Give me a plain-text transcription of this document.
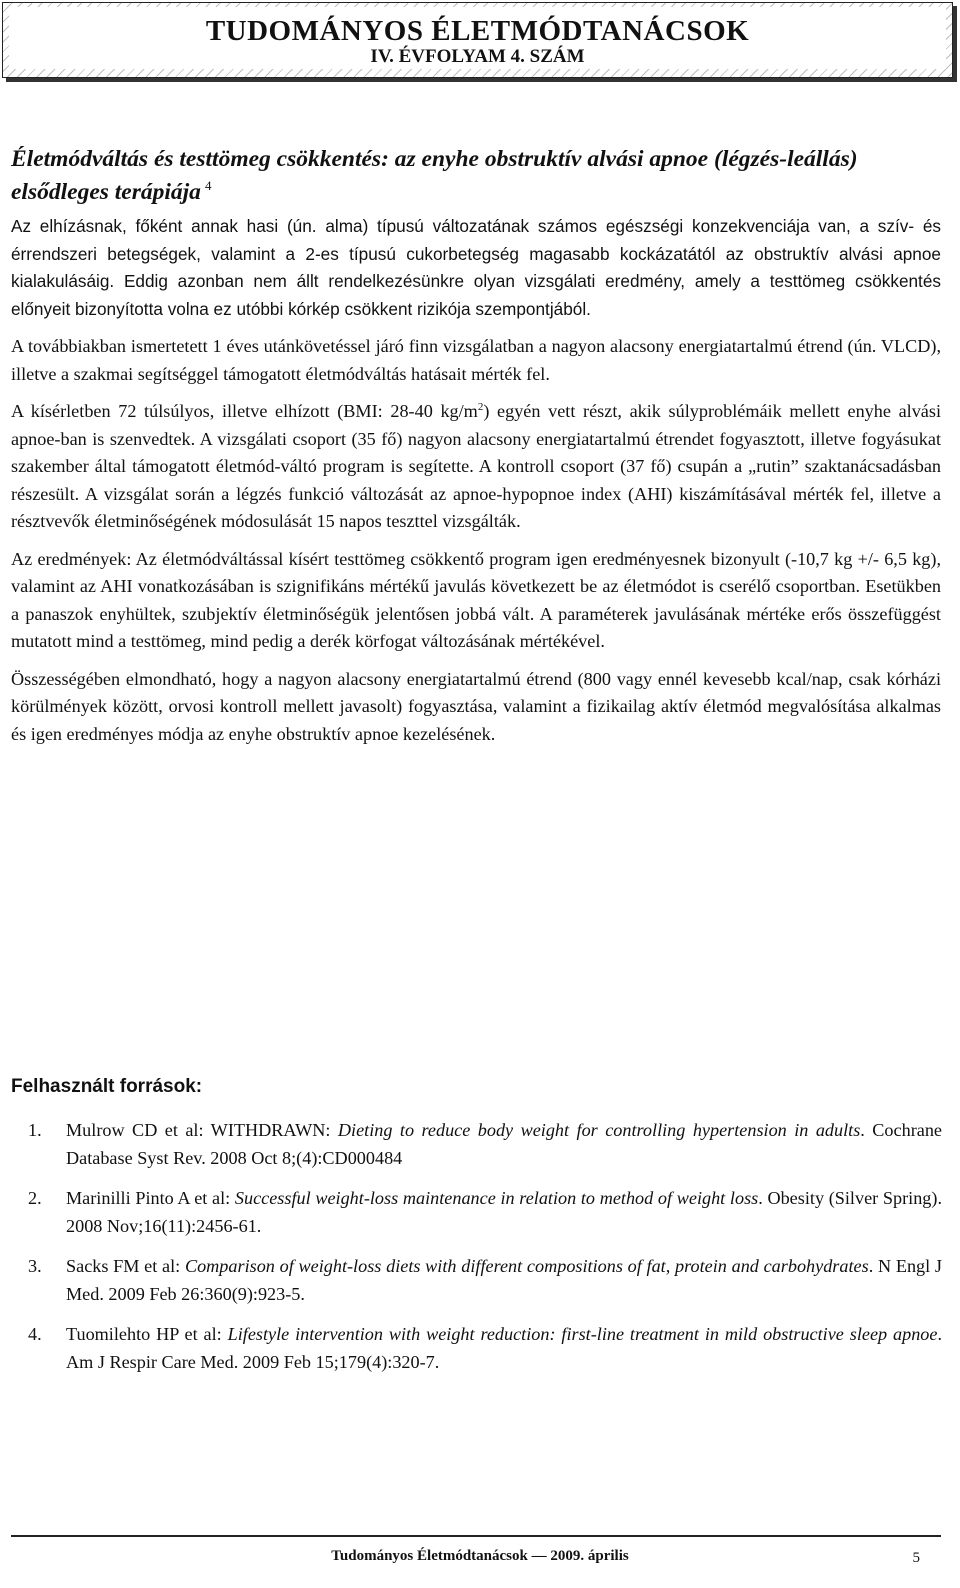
TUDOMÁNYOS ÉLETMÓDTANÁCSOK
IV. ÉVFOLYAM 4. SZÁM
Életmódváltás és testtömeg csökkentés: az enyhe obstruktív alvási apnoe (légzés-leállás) elsődleges terápiája $^4$

Az elhízásnak, főként annak hasi (ún. alma) típusú változatának számos egészségi konzekvenciája van, a szív- és érrendszeri betegségek, valamint a 2-es típusú cukorbetegség magasabb kockázatától az obstruktív alvási apnoe kialakulásáig. Eddig azonban nem állt rendelkezésünkre olyan vizsgálati eredmény, amely a testtömeg csökkentés előnyeit bizonyította volna ez utóbbi kórkép csökkent rizikója szempontjából.

A továbbiakban ismertetett 1 éves utánkövetéssel járó finn vizsgálatban a nagyon alacsony energiatartalmú étrend (ún. VLCD), illetve a szakmai segítséggel támogatott életmódváltás hatásait mérték fel.

A kísérletben 72 túlsúlyos, illetve elhízott (BMI: 28-40 $kg/m^2$) egyén vett részt, akik súlyproblémáik mellett enyhe alvási apnoe-ban is szenvedtek. A vizsgálati csoport (35 fő) nagyon alacsony energiatartalmú étrendet fogyasztott, illetve fogyásukat szakember által támogatott életmód-váltó program is segítette. A kontroll csoport (37 fő) csupán a „rutin” szaktanácsadásban részesült. A vizsgálat során a légzés funkció változását az apnoe-hypopnoe index (AHI) kiszámításával mérték fel, illetve a résztvevők életminőségének módosulását 15 napos teszttel vizsgálták.

Az eredmények: Az életmódváltással kísért testtömeg csökkentő program igen eredményesnek bizonyult (-10,7 kg +/- 6,5 kg), valamint az AHI vonatkozásában is szignifikáns mértékű javulás következett be az életmódot is cserélő csoportban. Esetükben a panaszok enyhültek, szubjektív életminőségük jelentősen jobbá vált. A paraméterek javulásának mértéke erős összefüggést mutatott mind a testtömeg, mind pedig a derék körfogat változásának mértékével.

Összességében elmondható, hogy a nagyon alacsony energiatartalmú étrend (800 vagy ennél kevesebb kcal/nap, csak kórházi körülmények között, orvosi kontroll mellett javasolt) fogyasztása, valamint a fizikailag aktív életmód megvalósítása alkalmas és igen eredményes módja az enyhe obstruktív apnoe kezelésének.

Felhasznált források:
1. Mulrow CD et al: WITHDRAWN: Dieting to reduce body weight for controlling hypertension in adults. Cochrane Database Syst Rev. 2008 Oct 8;(4):CD000484
2. Marinilli Pinto A et al: Successful weight-loss maintenance in relation to method of weight loss. Obesity (Silver Spring). 2008 Nov;16(11):2456-61.
3. Sacks FM et al: Comparison of weight-loss diets with different compositions of fat, protein and carbohydrates. N Engl J Med. 2009 Feb 26:360(9):923-5.
4. Tuomilehto HP et al: Lifestyle intervention with weight reduction: first-line treatment in mild obstructive sleep apnoe. Am J Respir Care Med. 2009 Feb 15;179(4):320-7.
Tudományos Életmódtanácsok — 2009. április	5
